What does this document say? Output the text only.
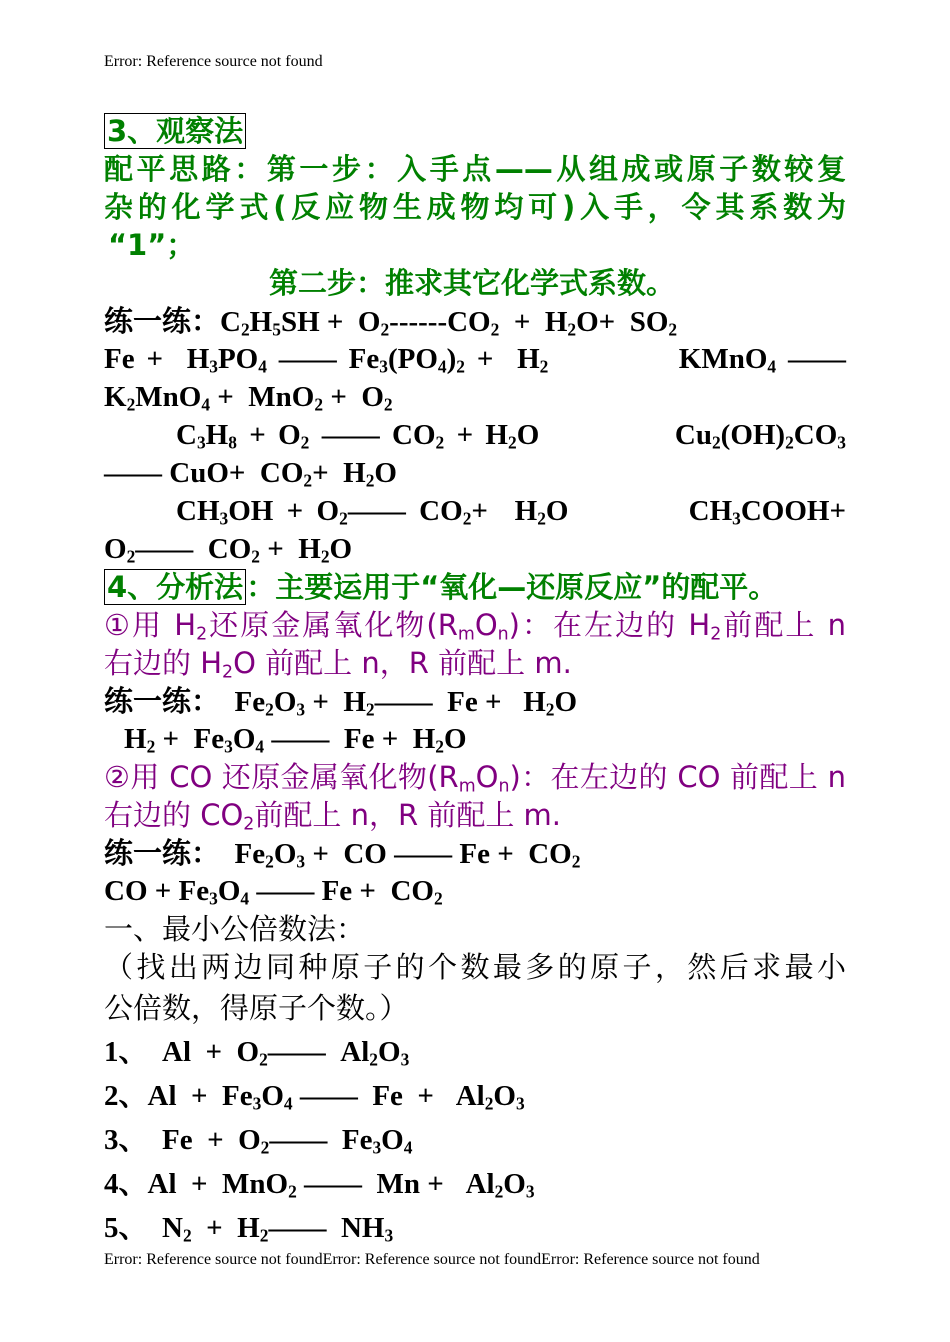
Error: Reference source not found
3、观察法
配平思路：第一步：入手点——从组成或原子数较复
杂的化学式(反应物生成物均可)入手，令其系数为
“1”；
第二步：推求其它化学式系数。
练一练：$C_2H_5SH + O_2------CO_2 + H_2O+ SO_2$
$Fe + H_3PO_4$ —— $Fe_3(PO_4)_2 + H_2$           KMnO$_4$ ——
$K_2MnO_4 + MnO_2 + O_2$
$C_3H_8 + O_2$ —— $CO_2 + H_2O$           $Cu_2(OH)_2CO_3$
—— $CuO+ CO_2+ H_2O$
$CH_3OH$ + $O_2——$ $CO_2+ H_2O$         $CH_3COOH+$
$O_2——$  $CO_2 + H_2O$
4、分析法 ：主要运用于“氧化—还原反应”的配平。
①用 $H_2$还原金属氧化物$(R_mO_n)$：在左边的 $H_2$前配上 n
右边的 $H_2O$ 前配上 n，R 前配上 m.
练一练：  $Fe_2O_3$ +  $H_2——$  $Fe + H_2O$
$H_2 + Fe_3O_4$ ——  $Fe + H_2O$
②用 CO 还原金属氧化物$(R_mO_n)$：在左边的 CO 前配上 n
右边的 $CO_2$前配上 n，R 前配上 m.
练一练：  $Fe_2O_3$ +  CO —— $Fe + CO_2$
CO + $Fe_3O_4$ —— $Fe + CO_2$
一、最小公倍数法：
（找出两边同种原子的个数最多的原子，然后求最小
公倍数，得原子个数。）
1、  $Al + O_2——$  $Al_2O_3$
2、$Al + Fe_3O_4$ ——  $Fe + Al_2O_3$
3、  $Fe + O_2——$  $Fe_3O_4$
4、Al  +  MnO$_2$ ——  $Mn + Al_2O_3$
5、  $N_2$  +  $H_2——$  $NH_3$
Error: Reference source not foundError: Reference source not foundError: Reference source not found
